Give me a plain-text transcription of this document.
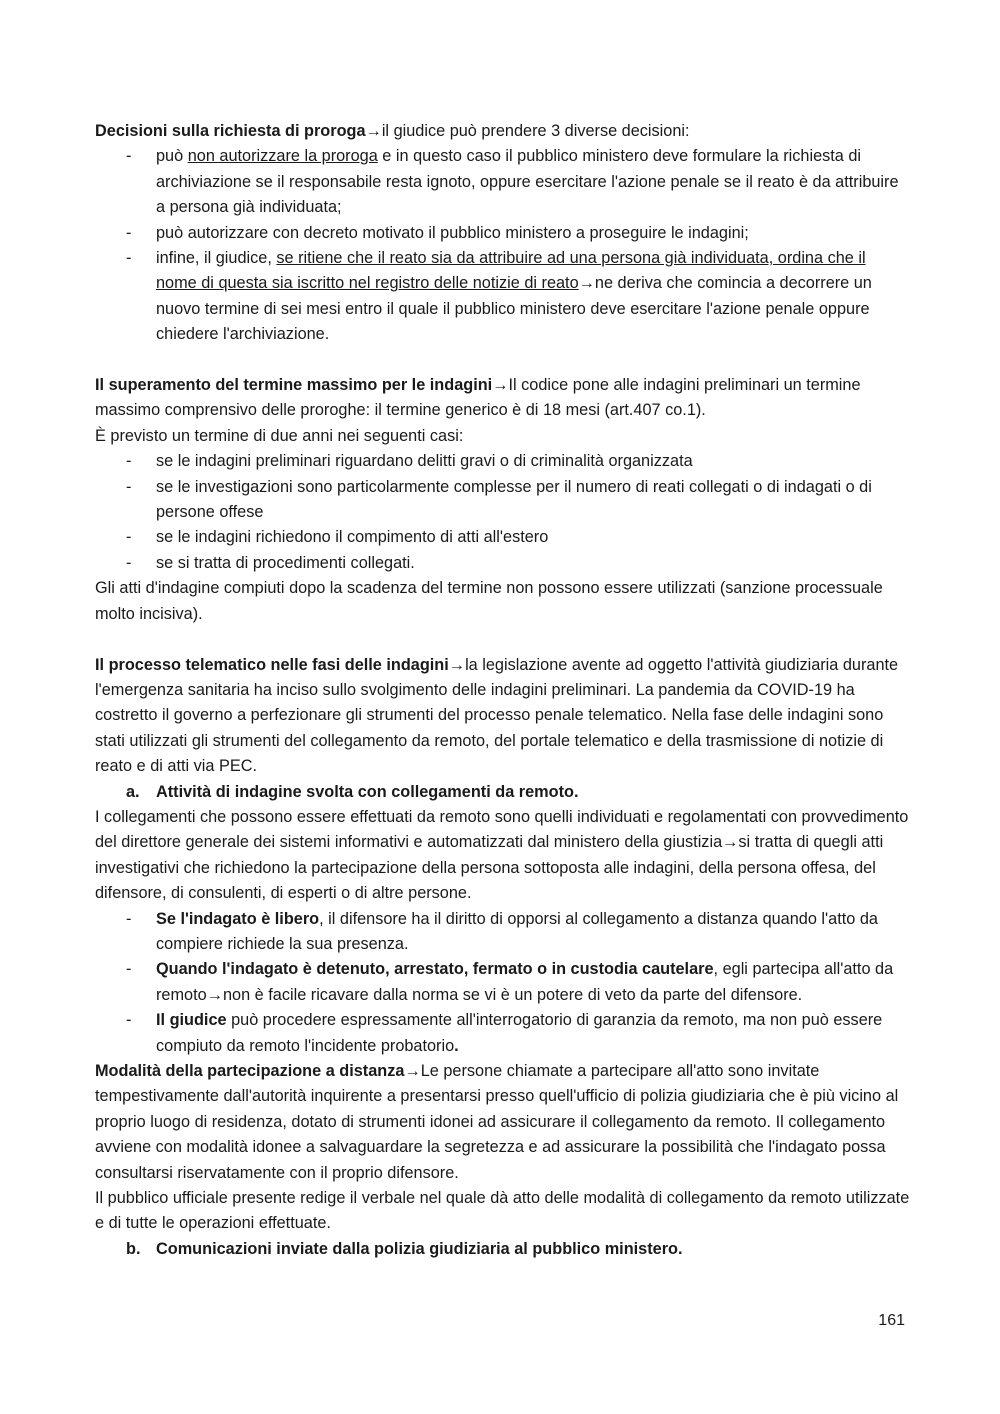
Decisioni sulla richiesta di proroga→il giudice può prendere 3 diverse decisioni:

- può non autorizzare la proroga e in questo caso il pubblico ministero deve formulare la richiesta di archiviazione se il responsabile resta ignoto, oppure esercitare l'azione penale se il reato è da attribuire a persona già individuata;
- può autorizzare con decreto motivato il pubblico ministero a proseguire le indagini;
- infine, il giudice, se ritiene che il reato sia da attribuire ad una persona già individuata, ordina che il nome di questa sia iscritto nel registro delle notizie di reato→ne deriva che comincia a decorrere un nuovo termine di sei mesi entro il quale il pubblico ministero deve esercitare l'azione penale oppure chiedere l'archiviazione.

Il superamento del termine massimo per le indagini→Il codice pone alle indagini preliminari un termine massimo comprensivo delle proroghe: il termine generico è di 18 mesi (art.407 co.1).

È previsto un termine di due anni nei seguenti casi:

- se le indagini preliminari riguardano delitti gravi o di criminalità organizzata
- se le investigazioni sono particolarmente complesse per il numero di reati collegati o di indagati o di persone offese
- se le indagini richiedono il compimento di atti all'estero
- se si tratta di procedimenti collegati.

Gli atti d'indagine compiuti dopo la scadenza del termine non possono essere utilizzati (sanzione processuale molto incisiva).

Il processo telematico nelle fasi delle indagini→la legislazione avente ad oggetto l'attività giudiziaria durante l'emergenza sanitaria ha inciso sullo svolgimento delle indagini preliminari. La pandemia da COVID-19 ha costretto il governo a perfezionare gli strumenti del processo penale telematico. Nella fase delle indagini sono stati utilizzati gli strumenti del collegamento da remoto, del portale telematico e della trasmissione di notizie di reato e di atti via PEC.

a. Attività di indagine svolta con collegamenti da remoto.

I collegamenti che possono essere effettuati da remoto sono quelli individuati e regolamentati con provvedimento del direttore generale dei sistemi informativi e automatizzati dal ministero della giustizia→si tratta di quegli atti investigativi che richiedono la partecipazione della persona sottoposta alle indagini, della persona offesa, del difensore, di consulenti, di esperti o di altre persone.

- Se l'indagato è libero, il difensore ha il diritto di opporsi al collegamento a distanza quando l'atto da compiere richiede la sua presenza.
- Quando l'indagato è detenuto, arrestato, fermato o in custodia cautelare, egli partecipa all'atto da remoto→non è facile ricavare dalla norma se vi è un potere di veto da parte del difensore.
- Il giudice può procedere espressamente all'interrogatorio di garanzia da remoto, ma non può essere compiuto da remoto l'incidente probatorio.

Modalità della partecipazione a distanza→Le persone chiamate a partecipare all'atto sono invitate tempestivamente dall'autorità inquirente a presentarsi presso quell'ufficio di polizia giudiziaria che è più vicino al proprio luogo di residenza, dotato di strumenti idonei ad assicurare il collegamento da remoto. Il collegamento avviene con modalità idonee a salvaguardare la segretezza e ad assicurare la possibilità che l'indagato possa consultarsi riservatamente con il proprio difensore.

Il pubblico ufficiale presente redige il verbale nel quale dà atto delle modalità di collegamento da remoto utilizzate e di tutte le operazioni effettuate.

b. Comunicazioni inviate dalla polizia giudiziaria al pubblico ministero.

161
